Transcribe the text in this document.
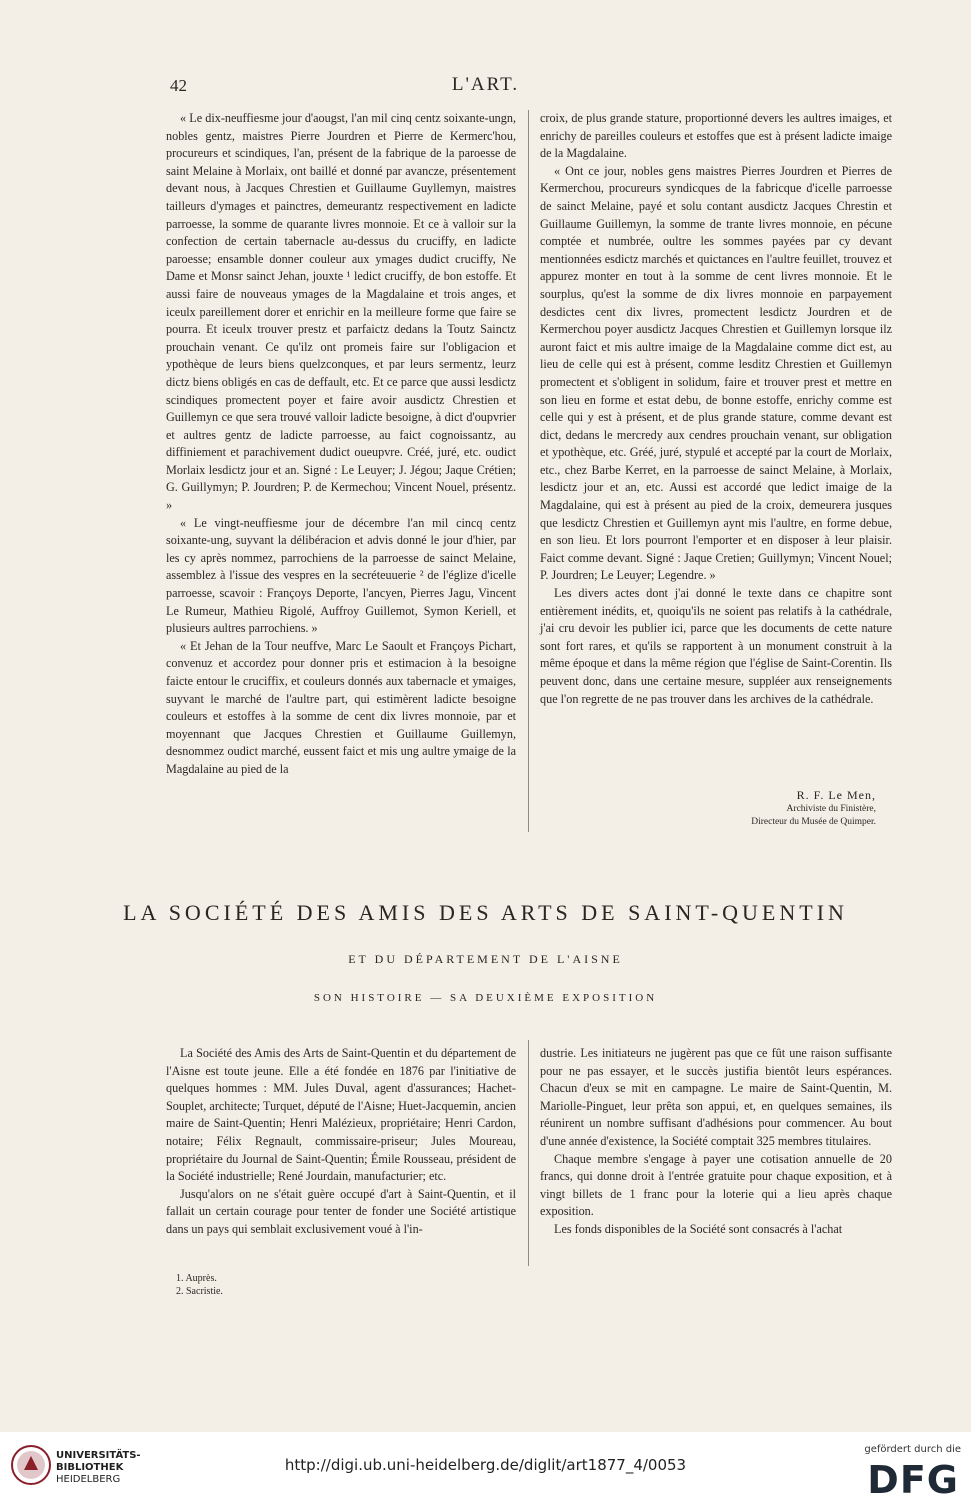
42	L'ART.

« Le dix-neuffiesme jour d'aougst, l'an mil cinq centz soixante-ungn, nobles gentz, maistres Pierre Jourdren et Pierre de Kermerc'hou, procureurs et scindiques, l'an, présent de la fabrique de la paroesse de saint Melaine à Morlaix, ont baillé et donné par avancze, présentement devant nous, à Jacques Chrestien et Guillaume Guyllemyn, maistres tailleurs d'ymages et painctres, demeurantz respectivement en ladicte parroesse, la somme de quarante livres monnoie. Et ce à valloir sur la confection de certain tabernacle au-dessus du cruciffy, en ladicte paroesse; ensamble donner couleur aux ymages dudict cruciffy, Ne Dame et Monsr sainct Jehan, jouxte ¹ ledict cruciffy, de bon estoffe. Et aussi faire de nouveaus ymages de la Magdalaine et trois anges, et iceulx pareillement dorer et enrichir en la meilleure forme que faire se pourra. Et iceulx trouver prestz et parfaictz dedans la Toutz Sainctz prouchain venant. Ce qu'ilz ont promeis faire sur l'obligacion et ypothèque de leurs biens quelzconques, et par leurs sermentz, leurz dictz biens obligés en cas de deffault, etc. Et ce parce que aussi lesdictz scindiques promectent poyer et faire avoir ausdictz Chrestien et Guillemyn ce que sera trouvé valloir ladicte besoigne, à dict d'oupvrier et aultres gentz de ladicte parroesse, au faict cognoissantz, au diffiniement et parachivement dudict oueupvre. Créé, juré, etc. oudict Morlaix lesdictz jour et an. Signé : Le Leuyer; J. Jégou; Jaque Crétien; G. Guillymyn; P. Jourdren; P. de Kermechou; Vincent Nouel, présentz. »

« Le vingt-neuffiesme jour de décembre l'an mil cincq centz soixante-ung, suyvant la délibéracion et advis donné le jour d'hier, par les cy après nommez, parrochiens de la parroesse de sainct Melaine, assemblez à l'issue des vespres en la secréteuuerie ² de l'églize d'icelle parroesse, scavoir : Françoys Deporte, l'ancyen, Pierres Jagu, Vincent Le Rumeur, Mathieu Rigolé, Auffroy Guillemot, Symon Keriell, et plusieurs aultres parrochiens. »

« Et Jehan de la Tour neuffve, Marc Le Saoult et Françoys Pichart, convenuz et accordez pour donner pris et estimacion à la besoigne faicte entour le cruciffix, et couleurs donnés aux tabernacle et ymaiges, suyvant le marché de l'aultre part, qui estimèrent ladicte besoigne couleurs et estoffes à la somme de cent dix livres monnoie, par et moyennant que Jacques Chrestien et Guillaume Guillemyn, desnommez oudict marché, eussent faict et mis ung aultre ymaige de la Magdalaine au pied de la

croix, de plus grande stature, proportionné devers les aultres imaiges, et enrichy de pareilles couleurs et estoffes que est à présent ladicte imaige de la Magdalaine.

« Ont ce jour, nobles gens maistres Pierres Jourdren et Pierres de Kermerchou, procureurs syndicques de la fabricque d'icelle parroesse de sainct Melaine, payé et solu contant ausdictz Jacques Chrestin et Guillaume Guillemyn, la somme de trante livres monnoie, en pécune comptée et numbrée, oultre les sommes payées par cy devant mentionnées esdictz marchés et quictances en l'aultre feuillet, trouvez et appurez monter en tout à la somme de cent livres monnoie. Et le sourplus, qu'est la somme de dix livres monnoie en parpayement desdictes cent dix livres, promectent lesdictz Jourdren et de Kermerchou poyer ausdictz Jacques Chrestien et Guillemyn lorsque ilz auront faict et mis aultre imaige de la Magdalaine comme dict est, au lieu de celle qui est à présent, comme lesditz Chrestien et Guillemyn promectent et s'obligent in solidum, faire et trouver prest et mettre en son lieu en forme et estat debu, de bonne estoffe, enrichy comme est celle qui y est à présent, et de plus grande stature, comme devant est dict, dedans le mercredy aux cendres prouchain venant, sur obligation et ypothèque, etc. Gréé, juré, stypulé et accepté par la court de Morlaix, etc., chez Barbe Kerret, en la parroesse de sainct Melaine, à Morlaix, lesdictz jour et an, etc. Aussi est accordé que ledict imaige de la Magdalaine, qui est à présent au pied de la croix, demeurera jusques que lesdictz Chrestien et Guillemyn aynt mis l'aultre, en forme debue, en son lieu. Et lors pourront l'emporter et en disposer à leur plaisir. Faict comme devant. Signé : Jaque Cretien; Guillymyn; Vincent Nouel; P. Jourdren; Le Leuyer; Legendre. »

Les divers actes dont j'ai donné le texte dans ce chapitre sont entièrement inédits, et, quoiqu'ils ne soient pas relatifs à la cathédrale, j'ai cru devoir les publier ici, parce que les documents de cette nature sont fort rares, et qu'ils se rapportent à un monument construit à la même époque et dans la même région que l'église de Saint-Corentin. Ils peuvent donc, dans une certaine mesure, suppléer aux renseignements que l'on regrette de ne pas trouver dans les archives de la cathédrale.

R. F. Le Men,
Archiviste du Finistère,
Directeur du Musée de Quimper.
LA SOCIÉTÉ DES AMIS DES ARTS DE SAINT-QUENTIN
ET DU DÉPARTEMENT DE L'AISNE
SON HISTOIRE — SA DEUXIÈME EXPOSITION

La Société des Amis des Arts de Saint-Quentin et du département de l'Aisne est toute jeune. Elle a été fondée en 1876 par l'initiative de quelques hommes : MM. Jules Duval, agent d'assurances; Hachet-Souplet, architecte; Turquet, député de l'Aisne; Huet-Jacquemin, ancien maire de Saint-Quentin; Henri Malézieux, propriétaire; Henri Cardon, notaire; Félix Regnault, commissaire-priseur; Jules Moureau, propriétaire du Journal de Saint-Quentin; Émile Rousseau, président de la Société industrielle; René Jourdain, manufacturier; etc.

Jusqu'alors on ne s'était guère occupé d'art à Saint-Quentin, et il fallait un certain courage pour tenter de fonder une Société artistique dans un pays qui semblait exclusivement voué à l'in-

dustrie. Les initiateurs ne jugèrent pas que ce fût une raison suffisante pour ne pas essayer, et le succès justifia bientôt leurs espérances. Chacun d'eux se mit en campagne. Le maire de Saint-Quentin, M. Mariolle-Pinguet, leur prêta son appui, et, en quelques semaines, ils réunirent un nombre suffisant d'adhésions pour commencer. Au bout d'une année d'existence, la Société comptait 325 membres titulaires.

Chaque membre s'engage à payer une cotisation annuelle de 20 francs, qui donne droit à l'entrée gratuite pour chaque exposition, et à vingt billets de 1 franc pour la loterie qui a lieu après chaque exposition.

Les fonds disponibles de la Société sont consacrés à l'achat

1. Auprès.
2. Sacristie.
UNIVERSITÄTS-
BIBLIOTHEK
HEIDELBERG
http://digi.ub.uni-heidelberg.de/diglit/art1877_4/0053
gefördert durch die
DFG
